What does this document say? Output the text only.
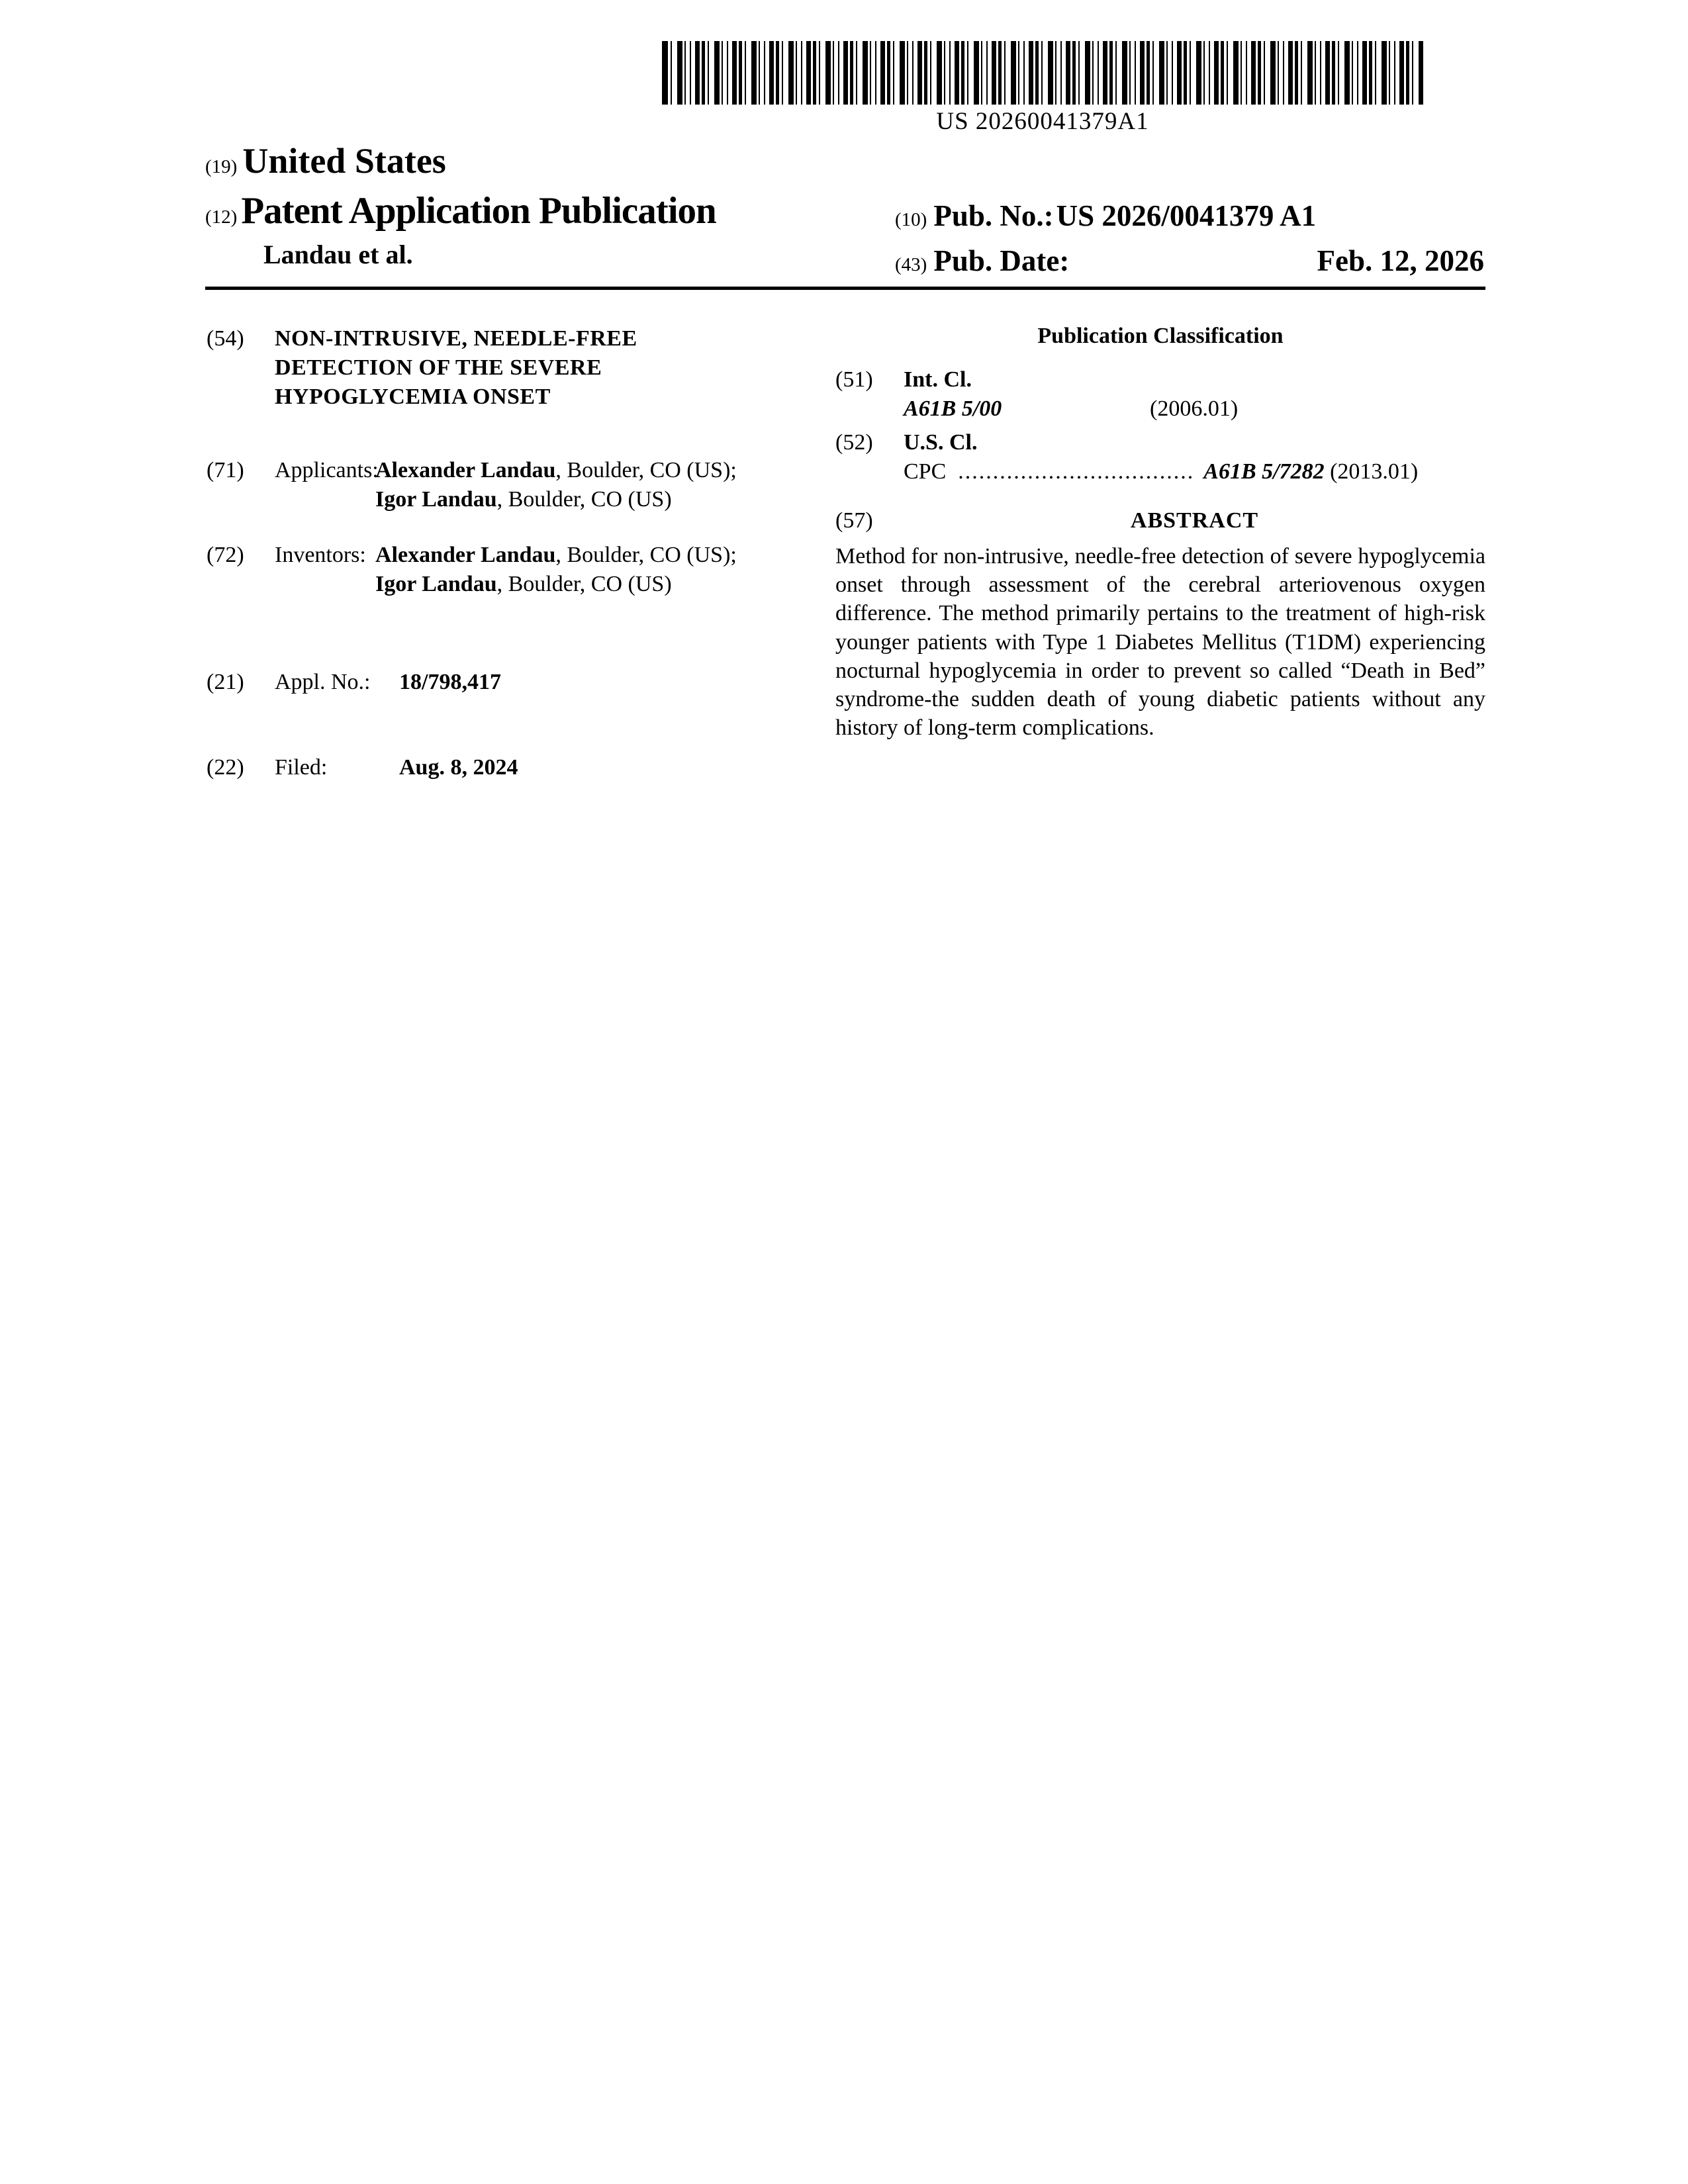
US 20260041379A1
(19) United States
(12) Patent Application Publication
Landau et al.
(10) Pub. No.: US 2026/0041379 A1
(43) Pub. Date:	Feb. 12, 2026
(54)	NON-INTRUSIVE, NEEDLE-FREE
DETECTION OF THE SEVERE
HYPOGLYCEMIA ONSET
(71)	Applicants:
Alexander Landau, Boulder, CO (US);
Igor Landau, Boulder, CO (US)
(72)	Inventors: Alexander Landau, Boulder, CO (US);
Igor Landau, Boulder, CO (US)
(21)	Appl. No.:	18/798,417
(22)	Filed:	Aug. 8, 2024
Publication Classification
(51)	Int. Cl.
A61B 5/00	(2006.01)
(52)	U.S. Cl.
CPC .................................. A61B 5/7282 (2013.01)
(57)	ABSTRACT
Method for non-intrusive, needle-free detection of severe hypoglycemia onset through assessment of the cerebral arteriovenous oxygen difference. The method primarily pertains to the treatment of high-risk younger patients with Type 1 Diabetes Mellitus (T1DM) experiencing nocturnal hypoglycemia in order to prevent so called “Death in Bed” syndrome-the sudden death of young diabetic patients without any history of long-term complications.
